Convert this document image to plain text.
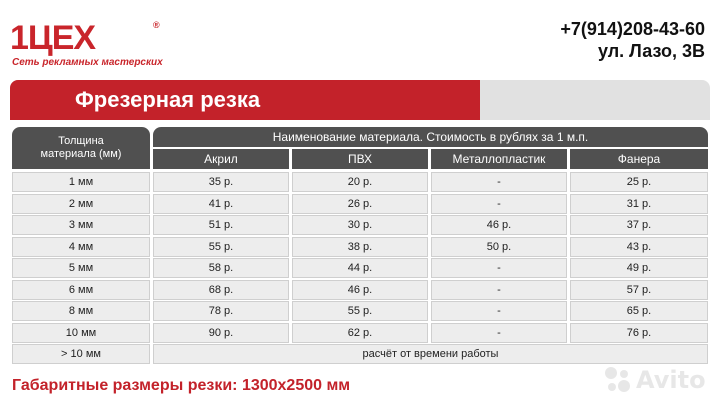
1ЦЕХ	®
Сеть рекламных мастерских
+7(914)208-43-60
ул. Лазо, 3В
Фрезерная резка
Толщина
материала (мм)
Наименование материала. Стоимость в рублях за 1 м.п.
Акрил	ПВХ	Металлопластик	Фанера
1 мм	35 р.	20 р.	-	25 р.
2 мм	41 р.	26 р.	-	31 р.
3 мм	51 р.	30 р.	46 р.	37 р.
4 мм	55 р.	38 р.	50 р.	43 р.
5 мм	58 р.	44 р.	-	49 р.
6 мм	68 р.	46 р.	-	57 р.
8 мм	78 р.	55 р.	-	65 р.
10 мм	90 р.	62 р.	-	76 р.
> 10 мм	расчёт от времени работы
Габаритные размеры резки: 1300х2500 мм	Avito
